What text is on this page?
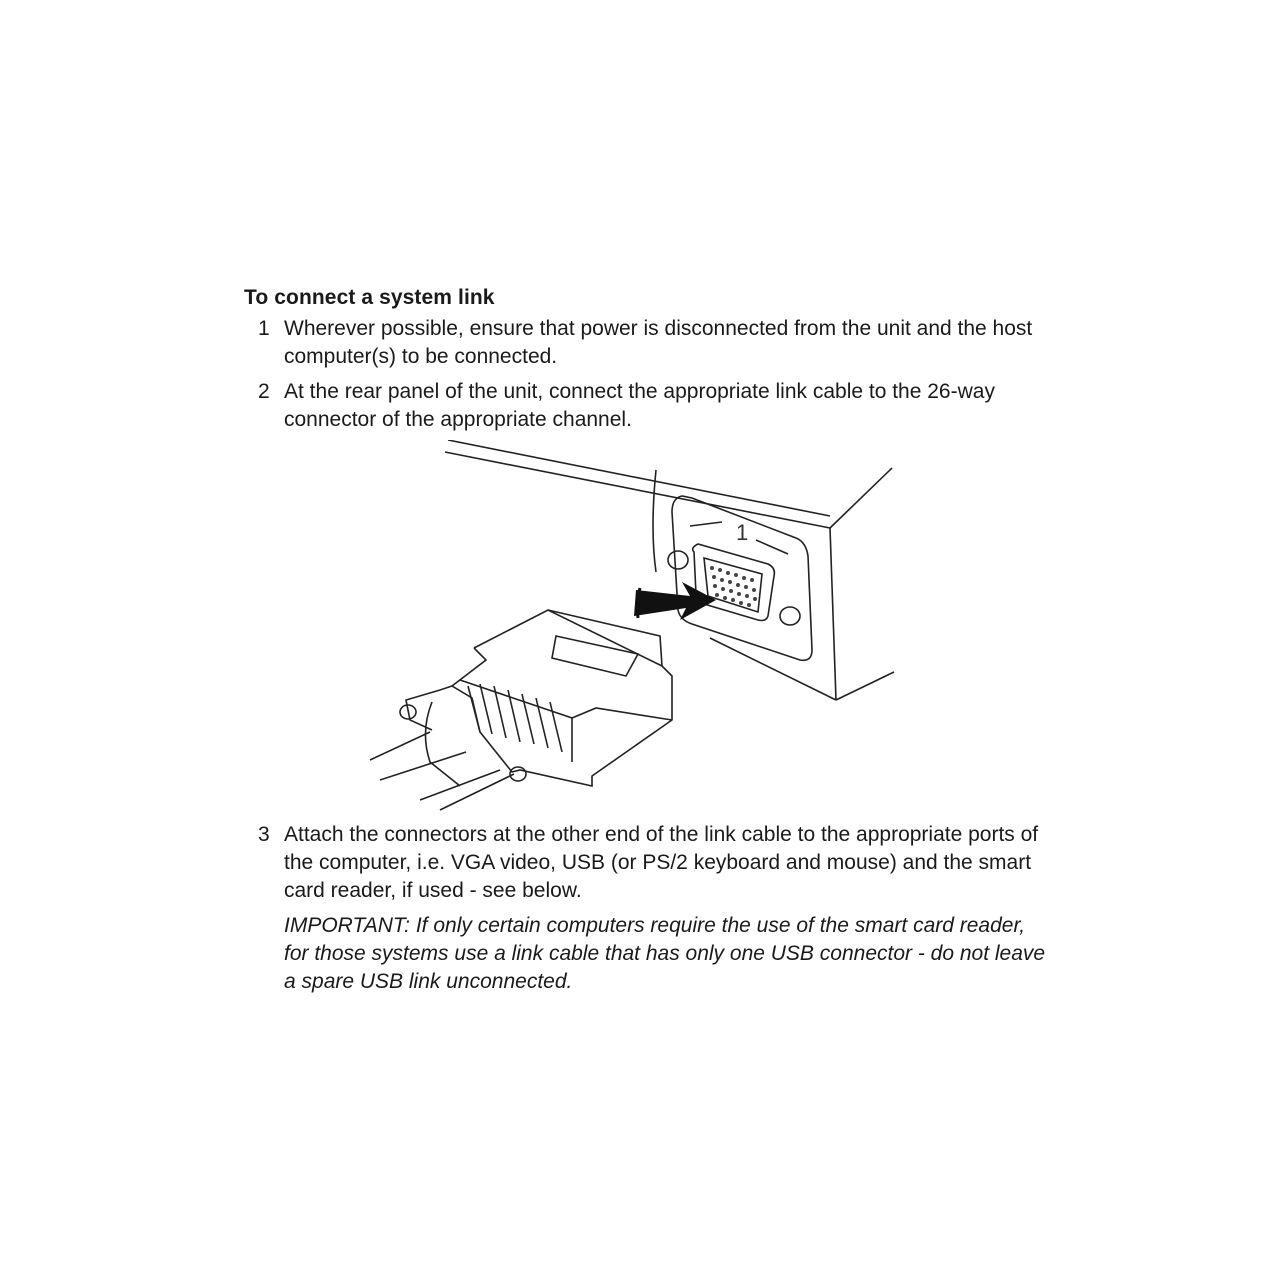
To connect a system link
1 Wherever possible, ensure that power is disconnected from the unit and the host computer(s) to be connected.
2 At the rear panel of the unit, connect the appropriate link cable to the 26-way connector of the appropriate channel.
1
3 Attach the connectors at the other end of the link cable to the appropriate ports of the computer, i.e. VGA video, USB (or PS/2 keyboard and mouse) and the smart card reader, if used - see below.
IMPORTANT: If only certain computers require the use of the smart card reader, for those systems use a link cable that has only one USB connector - do not leave a spare USB link unconnected.
